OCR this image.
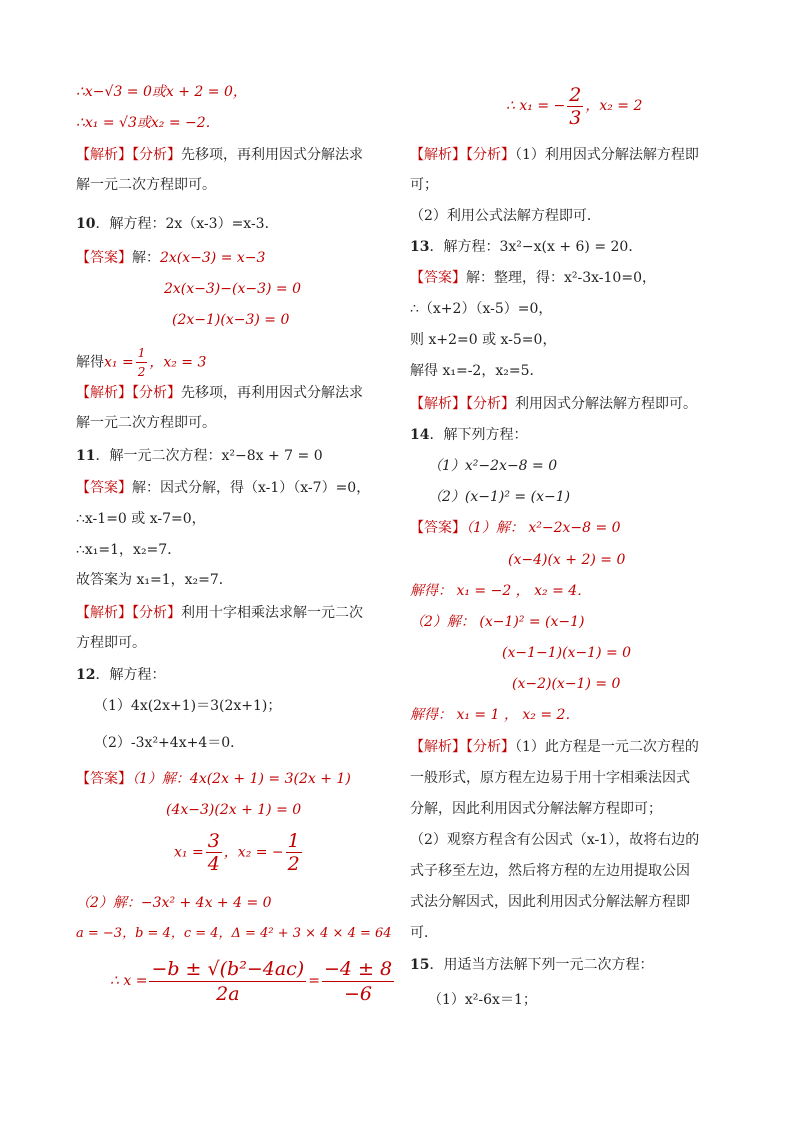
∴x−√3 = 0或x + 2 = 0，
∴x₁ = √3或x₂ = −2．
【解析】【分析】先移项，再利用因式分解法求
解一元二次方程即可。
10．解方程：2x（x-3）=x-3．
【答案】解：2x(x−3) = x−3
2x(x−3)−(x−3) = 0
(2x−1)(x−3) = 0
解得$x_1 = \frac{1}{2}$ ，x₂ = 3
【解析】【分析】先移项，再利用因式分解法求
解一元二次方程即可。
11．解一元二次方程：x²−8x + 7 = 0
【答案】解：因式分解，得（x-1）（x-7）=0，
∴x-1=0 或 x-7=0，
∴x₁=1，x₂=7．
故答案为 x₁=1，x₂=7．
【解析】【分析】利用十字相乘法求解一元二次
方程即可。
12．解方程：
（1）4x(2x+1)＝3(2x+1)；
（2）-3x²+4x+4＝0．
【答案】（1）解：4x(2x + 1) = 3(2x + 1)
(4x−3)(2x + 1) = 0
$x_1 = \frac{3}{4}$ ，x₂ = − $\frac{1}{2}$
（2）解：−3x² + 4x + 4 = 0
a = −3，b = 4，c = 4，Δ = 4² + 3 × 4 × 4 = 64
∴ $x = \frac{\text{−b ± √(b²−4ac)}}{2a} = \frac{-4 \pm 8}{-6}$
∴ x₁ = − $\frac{2}{3}$ ，x₂ = 2
【解析】【分析】（1）利用因式分解法解方程即
可；
（2）利用公式法解方程即可．
13．解方程：3x²−x(x + 6) = 20．
【答案】解：整理，得：x²-3x-10=0，
∴（x+2）（x-5）=0，
则 x+2=0 或 x-5=0，
解得 x₁=-2，x₂=5．
【解析】【分析】利用因式分解法解方程即可。
14．解下列方程：
（1）x²−2x−8 = 0
（2）(x−1)² = (x−1)
【答案】（1）解： x²−2x−8 = 0
(x−4)(x + 2) = 0
解得： x₁ = −2 ， x₂ = 4．
（2）解： (x−1)² = (x−1)
(x−1−1)(x−1) = 0
(x−2)(x−1) = 0
解得： x₁ = 1 ， x₂ = 2．
【解析】【分析】（1）此方程是一元二次方程的
一般形式，原方程左边易于用十字相乘法因式
分解，因此利用因式分解法解方程即可；
（2）观察方程含有公因式（x-1），故将右边的
式子移至左边，然后将方程的左边用提取公因
式法分解因式，因此利用因式分解法解方程即
可．
15．用适当方法解下列一元二次方程：
（1）x²-6x＝1；
